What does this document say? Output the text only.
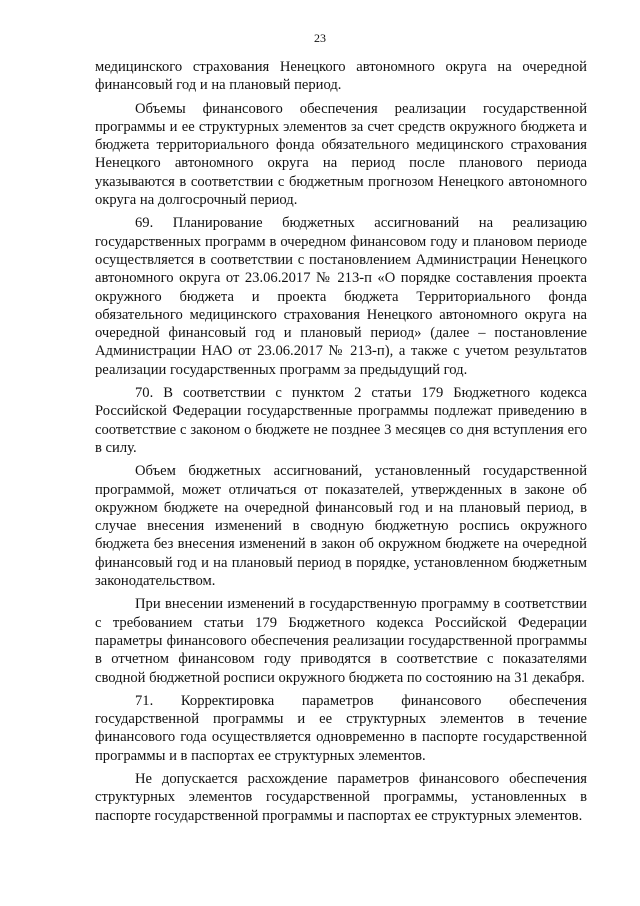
23

медицинского страхования Ненецкого автономного округа на очередной финансовый год и на плановый период.

Объемы финансового обеспечения реализации государственной программы и ее структурных элементов за счет средств окружного бюджета и бюджета территориального фонда обязательного медицинского страхования Ненецкого автономного округа на период после планового периода указываются в соответствии с бюджетным прогнозом Ненецкого автономного округа на долгосрочный период.

69. Планирование бюджетных ассигнований на реализацию государственных программ в очередном финансовом году и плановом периоде осуществляется в соответствии с постановлением Администрации Ненецкого автономного округа от 23.06.2017 № 213-п «О порядке составления проекта окружного бюджета и проекта бюджета Территориального фонда обязательного медицинского страхования Ненецкого автономного округа на очередной финансовый год и плановый период» (далее – постановление Администрации НАО от 23.06.2017 № 213-п), а также с учетом результатов реализации государственных программ за предыдущий год.

70. В соответствии с пунктом 2 статьи 179 Бюджетного кодекса Российской Федерации государственные программы подлежат приведению в соответствие с законом о бюджете не позднее 3 месяцев со дня вступления его в силу.

Объем бюджетных ассигнований, установленный государственной программой, может отличаться от показателей, утвержденных в законе об окружном бюджете на очередной финансовый год и на плановый период, в случае внесения изменений в сводную бюджетную роспись окружного бюджета без внесения изменений в закон об окружном бюджете на очередной финансовый год и на плановый период в порядке, установленном бюджетным законодательством.

При внесении изменений в государственную программу в соответствии с требованием статьи 179 Бюджетного кодекса Российской Федерации параметры финансового обеспечения реализации государственной программы в отчетном финансовом году приводятся в соответствие с показателями сводной бюджетной росписи окружного бюджета по состоянию на 31 декабря.

71. Корректировка параметров финансового обеспечения государственной программы и ее структурных элементов в течение финансового года осуществляется одновременно в паспорте государственной программы и в паспортах ее структурных элементов.

Не допускается расхождение параметров финансового обеспечения структурных элементов государственной программы, установленных в паспорте государственной программы и паспортах ее структурных элементов.
